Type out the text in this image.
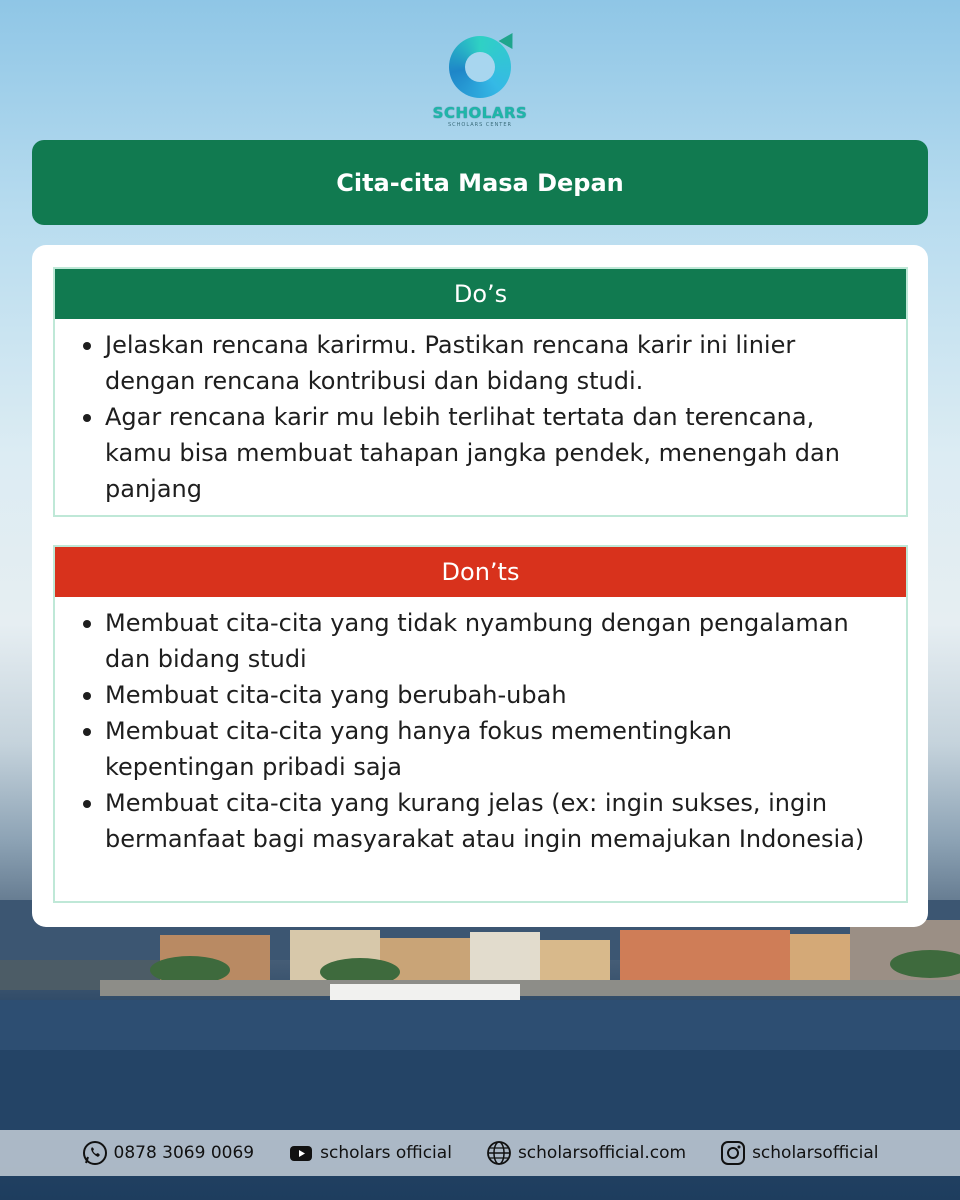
SCHOLARS
SCHOLARS CENTER
Cita-cita Masa Depan
Do’s
Jelaskan rencana karirmu. Pastikan rencana karir ini linier dengan rencana kontribusi dan bidang studi.
Agar rencana karir mu lebih terlihat tertata dan terencana, kamu bisa membuat tahapan jangka pendek, menengah dan panjang
Don’ts
Membuat cita-cita yang tidak nyambung dengan pengalaman dan bidang studi
Membuat cita-cita yang berubah-ubah
Membuat cita-cita yang hanya fokus mementingkan kepentingan pribadi saja
Membuat cita-cita yang kurang jelas (ex: ingin sukses, ingin bermanfaat bagi masyarakat atau ingin memajukan Indonesia)
0878 3069 0069	scholars official	scholarsofficial.com	scholarsofficial
